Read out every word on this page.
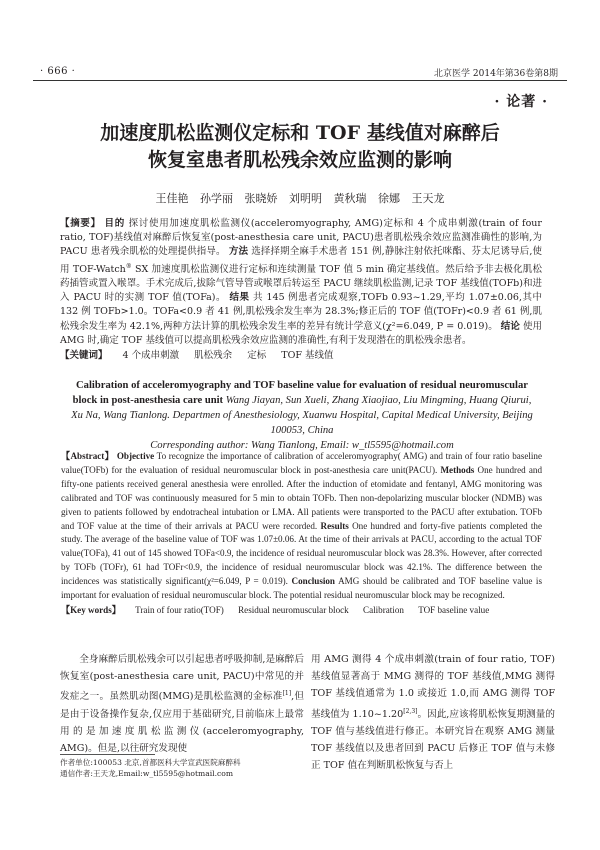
· 666 ·	北京医学 2014年第36卷第8期
· 论著 ·
加速度肌松监测仪定标和 TOF 基线值对麻醉后
恢复室患者肌松残余效应监测的影响
王佳艳 孙学丽 张晓娇 刘明明 黄秋瑞 徐娜 王天龙

【摘要】 目的 探讨使用加速度肌松监测仪(acceleromyography, AMG)定标和 4 个成串刺激(train of four ratio, TOF)基线值对麻醉后恢复室(post-anesthesia care unit, PACU)患者肌松残余效应监测准确性的影响,为 PACU 患者残余肌松的处理提供指导。 方法 选择择期全麻手术患者 151 例,静脉注射依托咪酯、芬太尼诱导后,使用 TOF-Watch® SX 加速度肌松监测仪进行定标和连续测量 TOF 值 5 min 确定基线值。然后给予非去极化肌松药插管或置入喉罩。手术完成后,拔除气管导管或喉罩后转运至 PACU 继续肌松监测,记录 TOF 基线值(TOFb)和进入 PACU 时的实测 TOF 值(TOFa)。 结果 共 145 例患者完成观察,TOFb 0.93~1.29,平均 1.07±0.06,其中 132 例 TOFb>1.0。TOFa<0.9 者 41 例,肌松残余发生率为 28.3%;修正后的 TOF 值(TOFr)<0.9 者 61 例,肌松残余发生率为 42.1%,两种方法计算的肌松残余发生率的差异有统计学意义(χ²=6.049, P = 0.019)。 结论 使用 AMG 时,确定 TOF 基线值可以提高肌松残余效应监测的准确性,有利于发现潜在的肌松残余患者。

【关键词】 4 个成串刺激 肌松残余 定标 TOF 基线值

Calibration of acceleromyography and TOF baseline value for evaluation of residual neuromuscular block in post-anesthesia care unit Wang Jiayan, Sun Xueli, Zhang Xiaojiao, Liu Mingming, Huang Qiurui, Xu Na, Wang Tianlong. Departmen of Anesthesiology, Xuanwu Hospital, Capital Medical University, Beijing 100053, China
Corresponding author: Wang Tianlong, Email: w_tl5595@hotmail.com

【Abstract】 Objective To recognize the importance of calibration of acceleromyography( AMG) and train of four ratio baseline value(TOFb) for the evaluation of residual neuromuscular block in post-anesthesia care unit(PACU). Methods One hundred and fifty-one patients received general anesthesia were enrolled. After the induction of etomidate and fentanyl, AMG monitoring was calibrated and TOF was continuously measured for 5 min to obtain TOFb. Then non-depolarizing muscular blocker (NDMB) was given to patients followed by endotracheal intubation or LMA. All patients were transported to the PACU after extubation. TOFb and TOF value at the time of their arrivals at PACU were recorded. Results One hundred and forty-five patients completed the study. The average of the baseline value of TOF was 1.07±0.06. At the time of their arrivals at PACU, according to the actual TOF value(TOFa), 41 out of 145 showed TOFa<0.9, the incidence of residual neuromuscular block was 28.3%. However, after corrected by TOFb (TOFr), 61 had TOFr<0.9, the incidence of residual neuromuscular block was 42.1%. The difference between the incidences was statistically significant(χ²=6.049, P = 0.019). Conclusion AMG should be calibrated and TOF baseline value is important for evaluation of residual neuromuscular block. The potential residual neuromuscular block may be recognized.

【Key words】 Train of four ratio(TOF) Residual neuromuscular block Calibration TOF baseline value

全身麻醉后肌松残余可以引起患者呼吸抑制,是麻醉后恢复室(post-anesthesia care unit, PACU)中常见的并发症之一。虽然肌动图(MMG)是肌松监测的金标准[1],但是由于设备操作复杂,仅应用于基础研究,目前临床上最常用的是加速度肌松监测仪(acceleromyography, AMG)。但是,以往研究发现使
用 AMG 测得 4 个成串刺激(train of four ratio, TOF)基线值显著高于 MMG 测得的 TOF 基线值,MMG 测得 TOF 基线值通常为 1.0 或接近 1.0,而 AMG 测得 TOF 基线值为 1.10~1.20[2,3]。因此,应该将肌松恢复期测量的 TOF 值与基线值进行修正。本研究旨在观察 AMG 测量 TOF 基线值以及患者回到 PACU 后修正 TOF 值与未修正 TOF 值在判断肌松恢复与否上
作者单位:100053 北京,首都医科大学宣武医院麻醉科
通信作者:王天龙,Email:w_tl5595@hotmail.com
